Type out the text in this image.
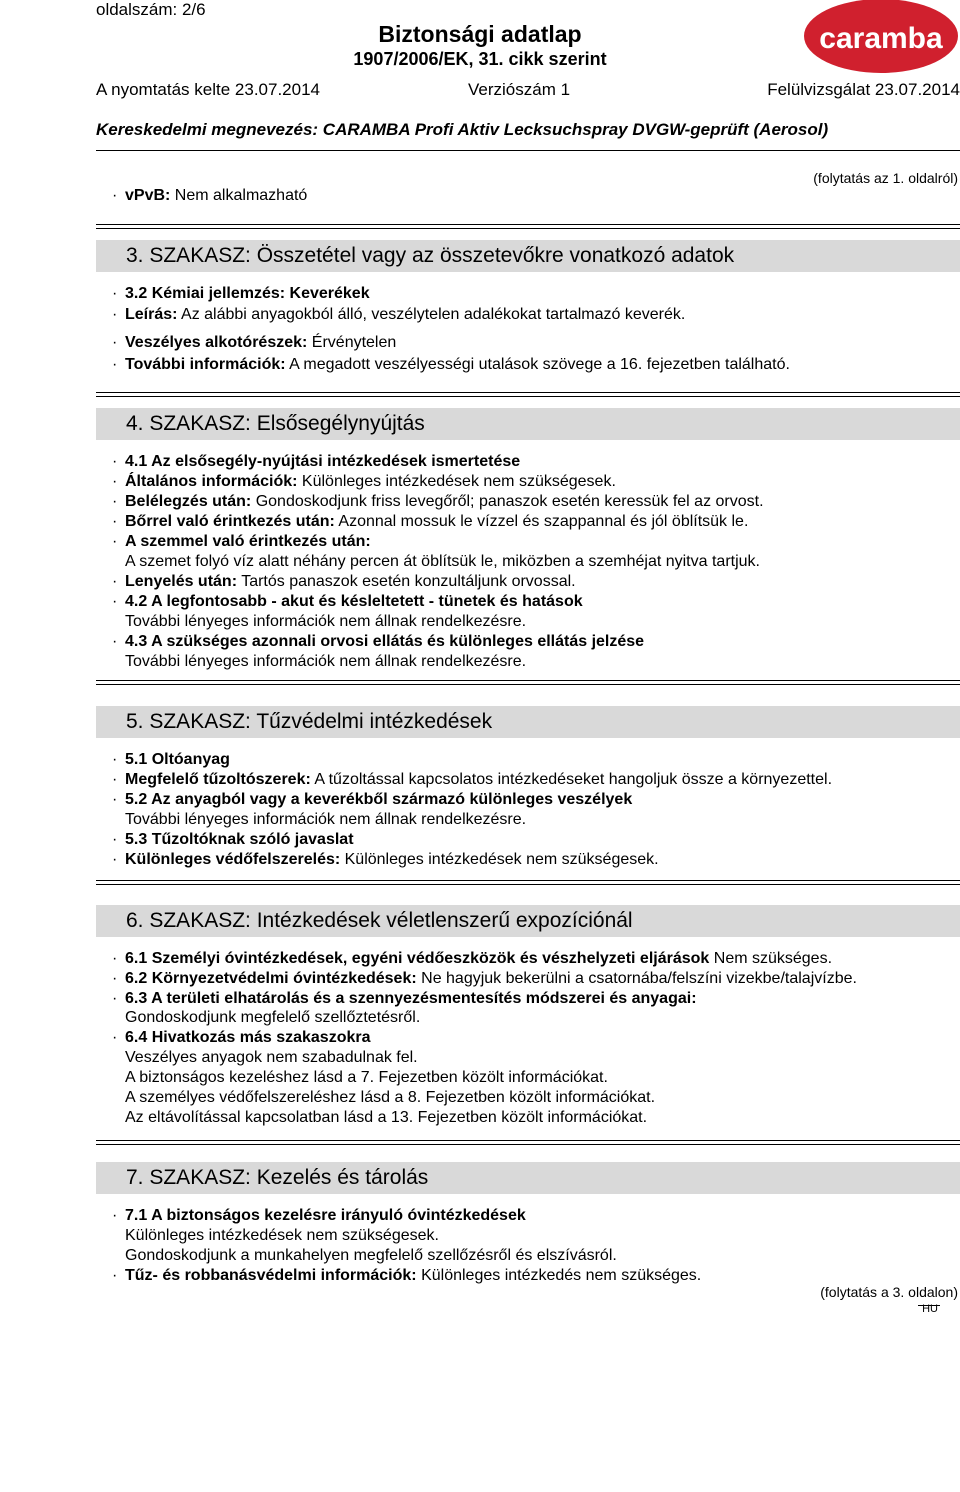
oldalszám: 2/6
Biztonsági adatlap
1907/2006/EK, 31. cikk szerint
caramba
A nyomtatás kelte 23.07.2014	Verziószám 1	Felülvizsgálat 23.07.2014
Kereskedelmi megnevezés: CARAMBA Profi Aktiv Lecksuchspray DVGW-geprüft (Aerosol)
(folytatás az 1. oldalról)
· vPvB: Nem alkalmazható
3. SZAKASZ: Összetétel vagy az összetevőkre vonatkozó adatok
· 3.2 Kémiai jellemzés: Keverékek
· Leírás: Az alábbi anyagokból álló, veszélytelen adalékokat tartalmazó keverék.
· Veszélyes alkotórészek: Érvénytelen
· További információk: A megadott veszélyességi utalások szövege a 16. fejezetben található.
4. SZAKASZ: Elsősegélynyújtás
· 4.1 Az elsősegély-nyújtási intézkedések ismertetése
· Általános információk: Különleges intézkedések nem szükségesek.
· Belélegzés után: Gondoskodjunk friss levegőről; panaszok esetén keressük fel az orvost.
· Bőrrel való érintkezés után: Azonnal mossuk le vízzel és szappannal és jól öblítsük le.
· A szemmel való érintkezés után:
A szemet folyó víz alatt néhány percen át öblítsük le, miközben a szemhéjat nyitva tartjuk.
· Lenyelés után: Tartós panaszok esetén konzultáljunk orvossal.
· 4.2 A legfontosabb - akut és késleltetett - tünetek és hatások
További lényeges információk nem állnak rendelkezésre.
· 4.3 A szükséges azonnali orvosi ellátás és különleges ellátás jelzése
További lényeges információk nem állnak rendelkezésre.
5. SZAKASZ: Tűzvédelmi intézkedések
· 5.1 Oltóanyag
· Megfelelő tűzoltószerek: A tűzoltással kapcsolatos intézkedéseket hangoljuk össze a környezettel.
· 5.2 Az anyagból vagy a keverékből származó különleges veszélyek
További lényeges információk nem állnak rendelkezésre.
· 5.3 Tűzoltóknak szóló javaslat
· Különleges védőfelszerelés: Különleges intézkedések nem szükségesek.
6. SZAKASZ: Intézkedések véletlenszerű expozíciónál
· 6.1 Személyi óvintézkedések, egyéni védőeszközök és vészhelyzeti eljárások Nem szükséges.
· 6.2 Környezetvédelmi óvintézkedések: Ne hagyjuk bekerülni a csatornába/felszíni vizekbe/talajvízbe.
· 6.3 A területi elhatárolás és a szennyezésmentesítés módszerei és anyagai:
Gondoskodjunk megfelelő szellőztetésről.
· 6.4 Hivatkozás más szakaszokra
Veszélyes anyagok nem szabadulnak fel.
A biztonságos kezeléshez lásd a 7. Fejezetben közölt információkat.
A személyes védőfelszereléshez lásd a 8. Fejezetben közölt információkat.
Az eltávolítással kapcsolatban lásd a 13. Fejezetben közölt információkat.
7. SZAKASZ: Kezelés és tárolás
· 7.1 A biztonságos kezelésre irányuló óvintézkedések
Különleges intézkedések nem szükségesek.
Gondoskodjunk a munkahelyen megfelelő szellőzésről és elszívásról.
· Tűz- és robbanásvédelmi információk: Különleges intézkedés nem szükséges.
(folytatás a 3. oldalon)
HU
